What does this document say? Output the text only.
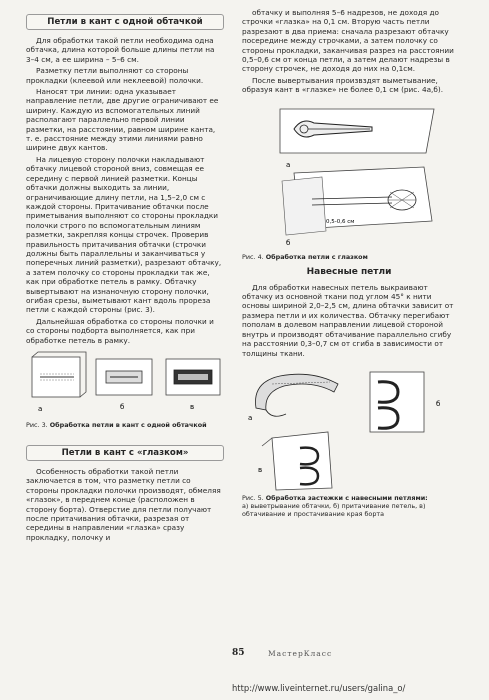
Петли в кант с одной обтачкой

Для обработки такой петли необходима одна обтачка, длина которой больше длины петли на 3–4 см, а ее ширина – 5–6 см.

Разметку петли выполняют со стороны прокладки (клеевой или неклеевой) полочки.

Наносят три линии: одна указывает направление петли, две другие ограничивают ее ширину. Каждую из вспомогательных линий располагают параллельно первой линии разметки, на расстоянии, равном ширине канта, т. е. расстояние между этими линиями равно ширине двух кантов.

На лицевую сторону полочки накладывают обтачку лицевой стороной вниз, совмещая ее середину с первой линией разметки. Концы обтачки должны выходить за линии, ограничивающие длину петли, на 1,5–2,0 см с каждой стороны. Притачивание обтачки после приметывания выполняют со стороны прокладки полочки строго по вспомогательным линиям разметки, закрепляя концы строчек. Проверив правильность притачивания обтачки (строчки должны быть параллельны и заканчиваться у поперечных линий разметки), разрезают обтачку, а затем полочку со стороны прокладки так же, как при обработке петель в рамку. Обтачку вывертывают на изнаночную сторону полочки, огибая срезы, выметывают кант вдоль прореза петли с каждой стороны (рис. 3).

Дальнейшая обработка со стороны полочки и со стороны подборта выполняется, как при обработке петель в рамку.

а	б	в
Рис. 3. Обработка петли в кант с одной обтачкой
Петли в кант с «глазком»

Особенность обработки такой петли заключается в том, что разметку петли со стороны прокладки полочки производят, обмеляя «глазок», в переднем конце (расположен в сторону борта). Отверстие для петли получают после притачивания обтачки, разрезая от середины в направлении «глазка» сразу прокладку, полочку и

обтачку и выполняя 5–6 надрезов, не доходя до строчки «глазка» на 0,1 см. Вторую часть петли разрезают в два приема: сначала разрезают обтачку посередине между строчками, а затем полочку со стороны прокладки, заканчивая разрез на расстоянии 0,5–0,6 см от конца петли, а затем делают надрезы в сторону строчек, не доходя до них на 0,1см.

После вывертывания произвздят выметывание, образуя кант в «глазке» не более 0,1 см (рис. 4а,б).

а
0,5-0,6 см
б
Рис. 4. Обработка петли с глазком
Навесные петли

Для обработки навесных петель выкраивают обтачку из основной ткани под углом 45° к нити основы шириной 2,0–2,5 см, длина обтачки зависит от размера петли и их количества. Обтачку перегибают пополам в долевом направлении лицевой стороной внутрь и производят обтачивание параллельно сгибу на расстоянии 0,3–0,7 см от сгиба в зависимости от толщины ткани.

а
б
в
Рис. 5. Обработка застежки с навесными петлями:
а) выветрывание обтачки, б) притачивание петель, в) обтачивание и простачивание края борта
85	МастерКласс
http://www.liveinternet.ru/users/galina_o/
